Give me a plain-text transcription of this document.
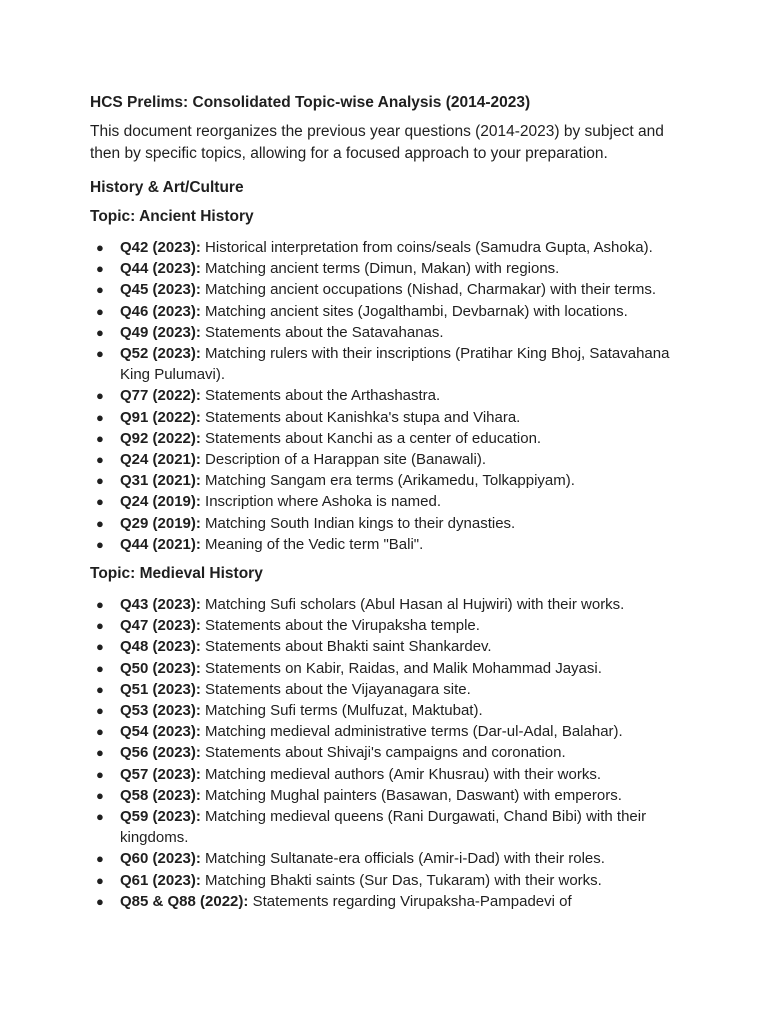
HCS Prelims: Consolidated Topic-wise Analysis (2014-2023)
This document reorganizes the previous year questions (2014-2023) by subject and then by specific topics, allowing for a focused approach to your preparation.
History & Art/Culture
Topic: Ancient History
● Q42 (2023): Historical interpretation from coins/seals (Samudra Gupta, Ashoka).
● Q44 (2023): Matching ancient terms (Dimun, Makan) with regions.
● Q45 (2023): Matching ancient occupations (Nishad, Charmakar) with their terms.
● Q46 (2023): Matching ancient sites (Jogalthambi, Devbarnak) with locations.
● Q49 (2023): Statements about the Satavahanas.
● Q52 (2023): Matching rulers with their inscriptions (Pratihar King Bhoj, Satavahana King Pulumavi).
● Q77 (2022): Statements about the Arthashastra.
● Q91 (2022): Statements about Kanishka's stupa and Vihara.
● Q92 (2022): Statements about Kanchi as a center of education.
● Q24 (2021): Description of a Harappan site (Banawali).
● Q31 (2021): Matching Sangam era terms (Arikamedu, Tolkappiyam).
● Q24 (2019): Inscription where Ashoka is named.
● Q29 (2019): Matching South Indian kings to their dynasties.
● Q44 (2021): Meaning of the Vedic term "Bali".
Topic: Medieval History
● Q43 (2023): Matching Sufi scholars (Abul Hasan al Hujwiri) with their works.
● Q47 (2023): Statements about the Virupaksha temple.
● Q48 (2023): Statements about Bhakti saint Shankardev.
● Q50 (2023): Statements on Kabir, Raidas, and Malik Mohammad Jayasi.
● Q51 (2023): Statements about the Vijayanagara site.
● Q53 (2023): Matching Sufi terms (Mulfuzat, Maktubat).
● Q54 (2023): Matching medieval administrative terms (Dar-ul-Adal, Balahar).
● Q56 (2023): Statements about Shivaji's campaigns and coronation.
● Q57 (2023): Matching medieval authors (Amir Khusrau) with their works.
● Q58 (2023): Matching Mughal painters (Basawan, Daswant) with emperors.
● Q59 (2023): Matching medieval queens (Rani Durgawati, Chand Bibi) with their kingdoms.
● Q60 (2023): Matching Sultanate-era officials (Amir-i-Dad) with their roles.
● Q61 (2023): Matching Bhakti saints (Sur Das, Tukaram) with their works.
● Q85 & Q88 (2022): Statements regarding Virupaksha-Pampadevi of
